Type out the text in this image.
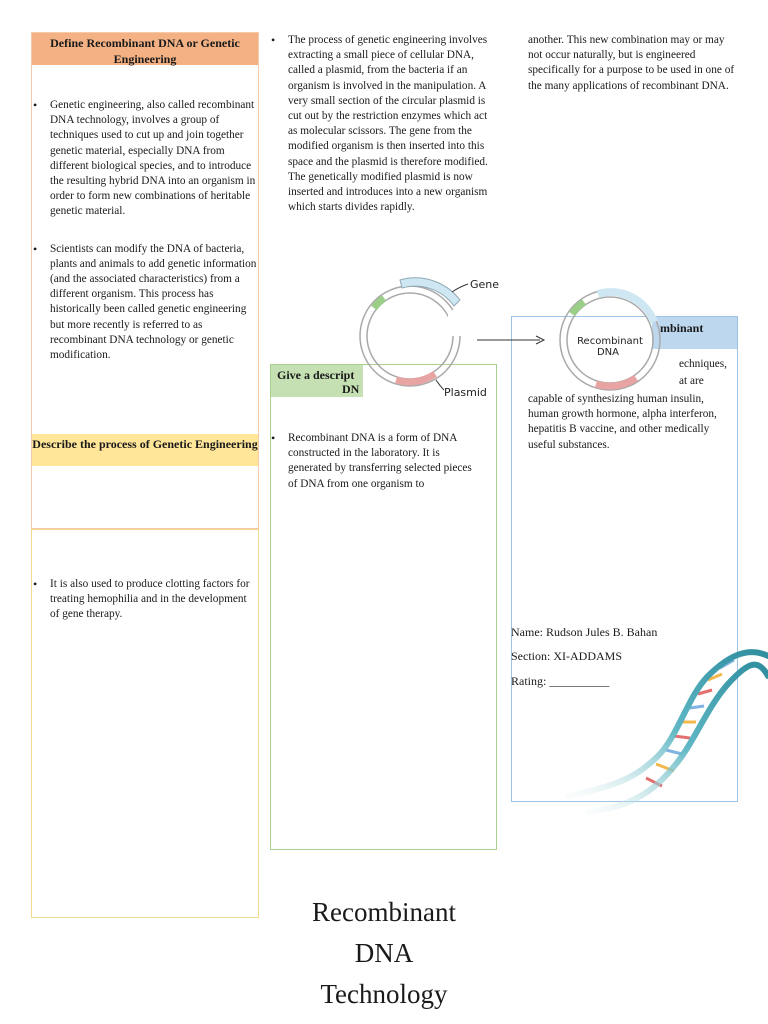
Define Recombinant DNA or Genetic Engineering
• Genetic engineering, also called recombinant DNA technology, involves a group of techniques used to cut up and join together genetic material, especially DNA from different biological species, and to introduce the resulting hybrid DNA into an organism in order to form new combinations of heritable genetic material.
• Scientists can modify the DNA of bacteria, plants and animals to add genetic information (and the associated characteristics) from a different organism. This process has historically been called genetic engineering but more recently is referred to as recombinant DNA technology or genetic modification.
Describe the process of Genetic Engineering
• It is also used to produce clotting factors for treating hemophilia and in the development of gene therapy.
• The process of genetic engineering involves extracting a small piece of cellular DNA, called a plasmid, from the bacteria if an organism is involved in the manipulation. A very small section of the circular plasmid is cut out by the restriction enzymes which act as molecular scissors. The gene from the modified organism is then inserted into this space and the plasmid is therefore modified. The genetically modified plasmid is now inserted and introduces into a new organism which starts divides rapidly.
Give a descript
DN
• Recombinant DNA is a form of DNA constructed in the laboratory. It is generated by transferring selected pieces of DNA from one organism to

another. This new combination may or may not occur naturally, but is engineered specifically for a purpose to be used in one of the many applications of recombinant DNA.

mbinant
echniques,
at are

capable of synthesizing human insulin, human growth hormone, alpha interferon, hepatitis B vaccine, and other medically useful substances.

Name: Rudson Jules B. Bahan
Section: XI-ADDAMS
Rating: __________
Gene
Plasmid
Recombinant
DNA
Recombinant
DNA
Technology
